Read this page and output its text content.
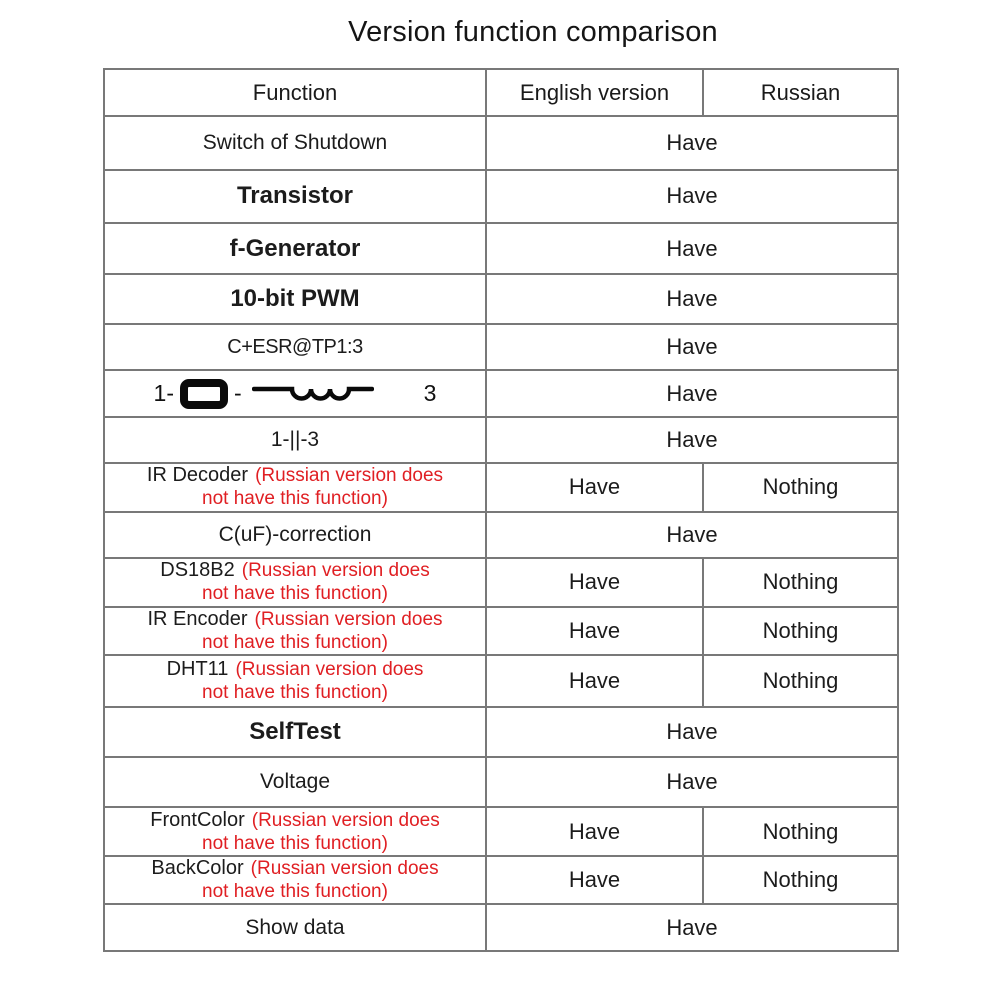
Version function comparison
Function	English version	Russian
Switch of Shutdown	Have	
Transistor	Have	
f-Generator	Have	
10-bit PWM	Have	
C+ESR@TP1:3	Have	

1- - 3	Have	
1-||-3	Have	

IR Decoder (Russian version does
not have this function)	Have	Nothing
C(uF)-correction	Have	

DS18B2 (Russian version does
not have this function)	Have	Nothing

IR Encoder (Russian version does
not have this function)	Have	Nothing

DHT11 (Russian version does
not have this function)	Have	Nothing
SelfTest	Have	
Voltage	Have	

FrontColor (Russian version does
not have this function)	Have	Nothing

BackColor (Russian version does
not have this function)	Have	Nothing
Show data	Have	
